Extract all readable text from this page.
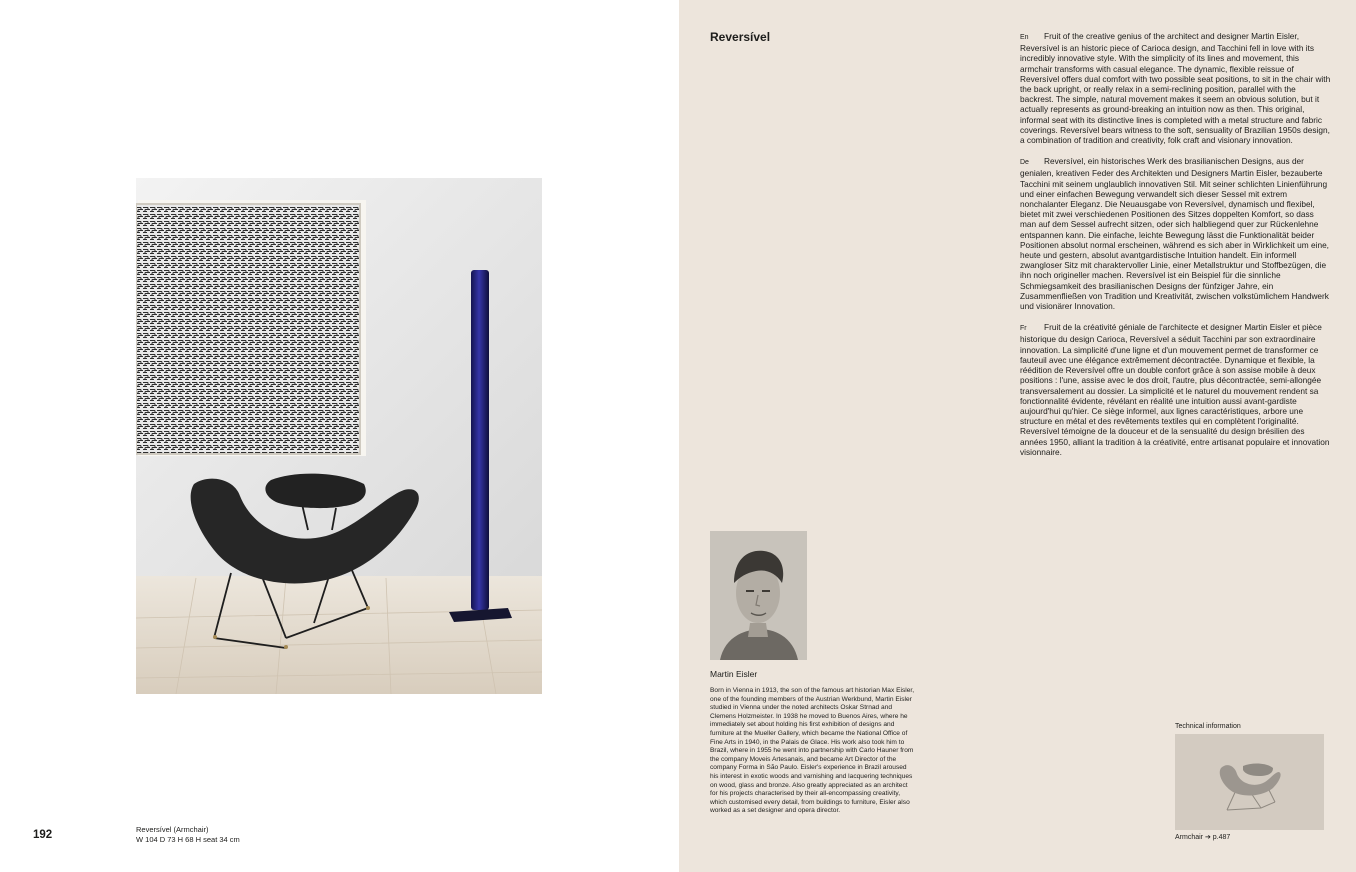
192	Reversível (Armchair)
W 104 D 73 H 68 H seat 34 cm
Reversível	En Fruit of the creative genius of the architect and designer Martin Eisler, Reversível is an historic piece of Carioca design, and Tacchini fell in love with its incredibly innovative style. With the simplicity of its lines and movement, this armchair transforms with casual elegance. The dynamic, flexible reissue of Reversível offers dual comfort with two possible seat positions, to sit in the chair with the back upright, or really relax in a semi-reclining position, parallel with the backrest. The simple, natural movement makes it seem an obvious solution, but it actually represents as ground-breaking an intuition now as then. This original, informal seat with its distinctive lines is completed with a metal structure and fabric coverings. Reversível bears witness to the soft, sensuality of Brazilian 1950s design, a combination of tradition and creativity, folk craft and visionary innovation.

De Reversível, ein historisches Werk des brasilianischen Designs, aus der genialen, kreativen Feder des Architekten und Designers Martin Eisler, bezauberte Tacchini mit seinem unglaublich innovativen Stil. Mit seiner schlichten Linienführung und einer einfachen Bewegung verwandelt sich dieser Sessel mit extrem nonchalanter Eleganz. Die Neuausgabe von Reversível, dynamisch und flexibel, bietet mit zwei verschiedenen Positionen des Sitzes doppelten Komfort, so dass man auf dem Sessel aufrecht sitzen, oder sich halbliegend quer zur Rückenlehne entspannen kann. Die einfache, leichte Bewegung lässt die Funktionalität beider Positionen absolut normal erscheinen, während es sich aber in Wirklichkeit um eine, heute und gestern, absolut avantgardistische Intuition handelt. Ein informell zwangloser Sitz mit charaktervoller Linie, einer Metallstruktur und Stoffbezügen, die ihn noch origineller machen. Reversível ist ein Beispiel für die sinnliche Schmiegsamkeit des brasilianischen Designs der fünfziger Jahre, ein Zusammenfließen von Tradition und Kreativität, zwischen volkstümlichem Handwerk und visionärer Innovation.

Fr Fruit de la créativité géniale de l'architecte et designer Martin Eisler et pièce historique du design Carioca, Reversível a séduit Tacchini par son extraordinaire innovation. La simplicité d'une ligne et d'un mouvement permet de transformer ce fauteuil avec une élégance extrêmement décontractée. Dynamique et flexible, la réédition de Reversível offre un double confort grâce à son assise mobile à deux positions : l'une, assise avec le dos droit, l'autre, plus décontractée, semi-allongée transversalement au dossier. La simplicité et le naturel du mouvement rendent sa fonctionnalité évidente, révélant en réalité une intuition aussi avant-gardiste aujourd'hui qu'hier. Ce siège informel, aux lignes caractéristiques, arbore une structure en métal et des revêtements textiles qui en complètent l'originalité. Reversível témoigne de la douceur et de la sensualité du design brésilien des années 1950, alliant la tradition à la créativité, entre artisanat populaire et innovation visionnaire.

Martin Eisler
Born in Vienna in 1913, the son of the famous art historian Max Eisler, one of the founding members of the Austrian Werkbund, Martin Eisler studied in Vienna under the noted architects Oskar Strnad and Clemens Holzmeister. In 1938 he moved to Buenos Aires, where he immediately set about holding his first exhibition of designs and furniture at the Mueller Gallery, which became the National Office of Fine Arts in 1940, in the Palais de Glace. His work also took him to Brazil, where in 1955 he went into partnership with Carlo Hauner from the company Moveis Artesanais, and became Art Director of the company Forma in São Paulo. Eisler's experience in Brazil aroused his interest in exotic woods and varnishing and lacquering techniques on wood, glass and bronze. Also greatly appreciated as an architect for his projects characterised by their all-encompassing creativity, which customised every detail, from buildings to furniture, Eisler also worked as a set designer and opera director.
Technical information
Armchair ➔ p.487
